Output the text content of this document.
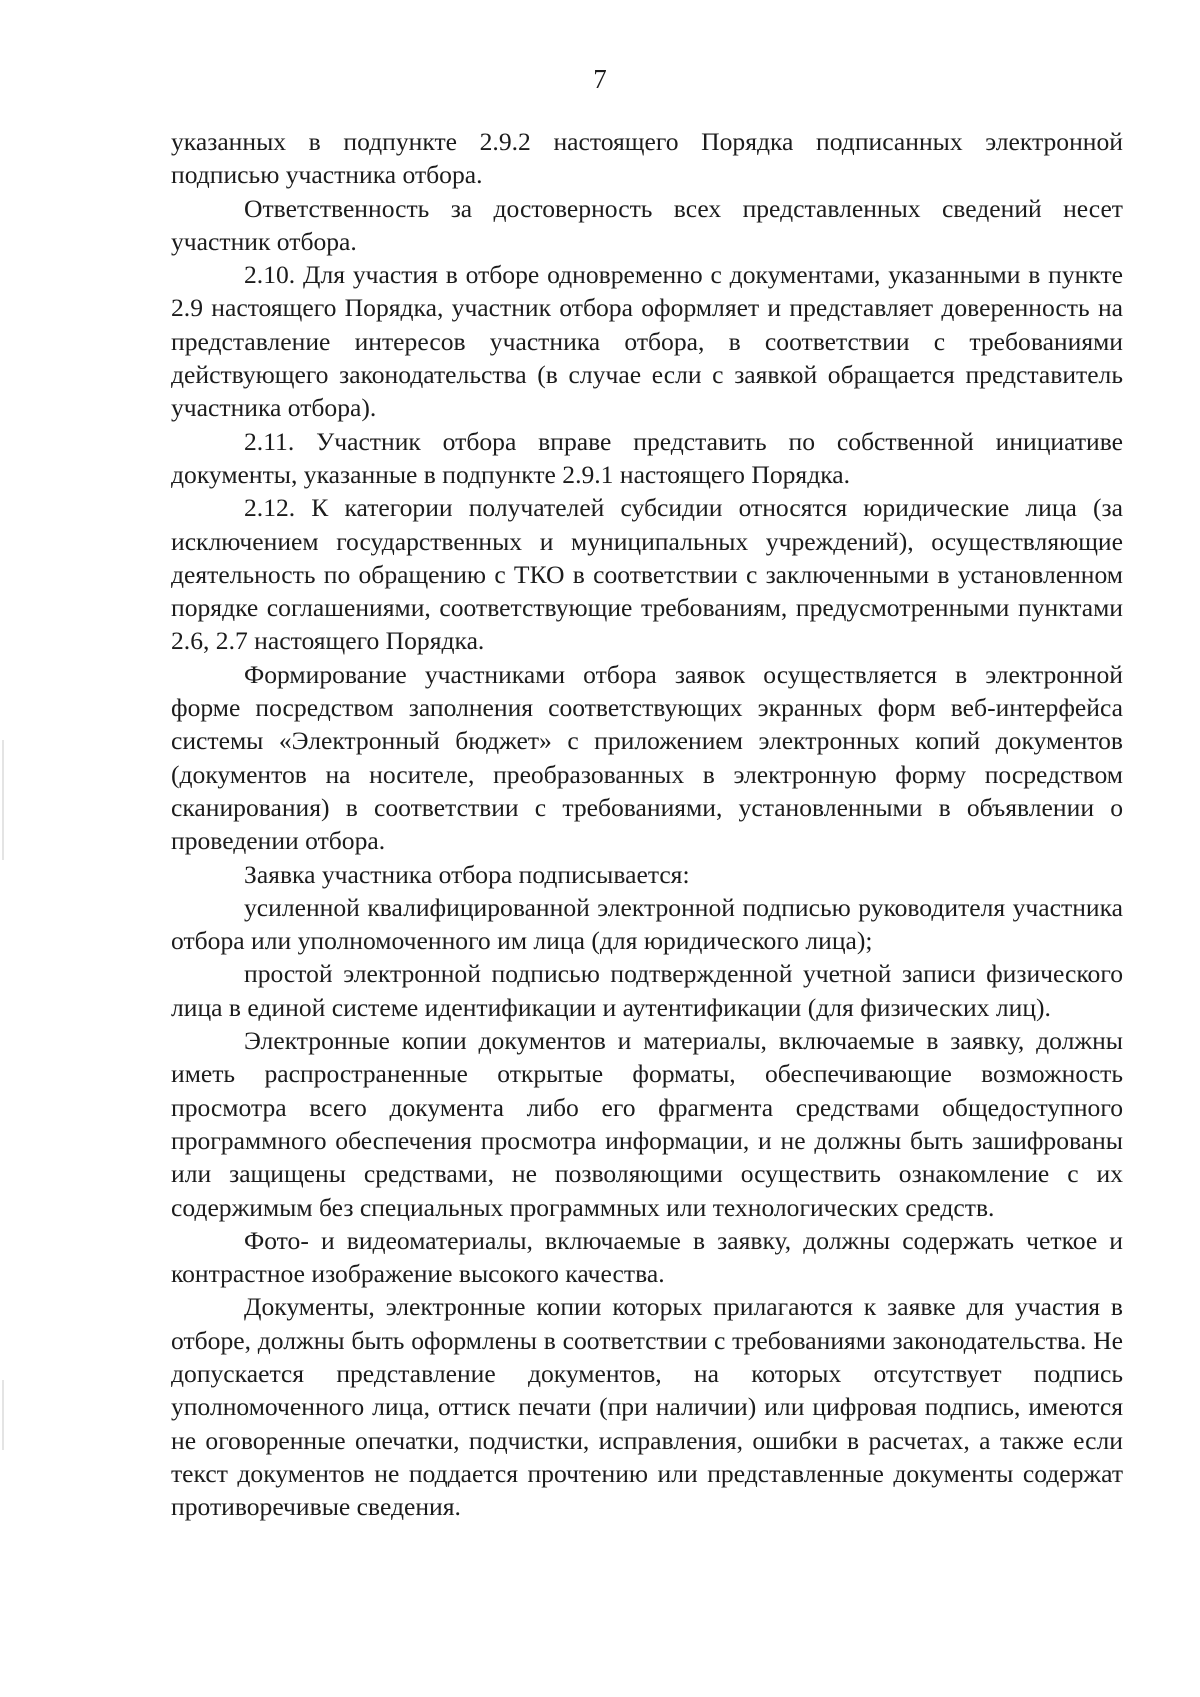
7

указанных в подпункте 2.9.2 настоящего Порядка подписанных электронной подписью участника отбора.

Ответственность за достоверность всех представленных сведений несет участник отбора.

2.10. Для участия в отборе одновременно с документами, указанными в пункте 2.9 настоящего Порядка, участник отбора оформляет и представляет доверенность на представление интересов участника отбора, в соответствии с требованиями действующего законодательства (в случае если с заявкой обращается представитель участника отбора).

2.11. Участник отбора вправе представить по собственной инициативе документы, указанные в подпункте 2.9.1 настоящего Порядка.

2.12. К категории получателей субсидии относятся юридические лица (за исключением государственных и муниципальных учреждений), осуществляющие деятельность по обращению с ТКО в соответствии с заключенными в установленном порядке соглашениями, соответствующие требованиям, предусмотренными пунктами 2.6, 2.7 настоящего Порядка.

Формирование участниками отбора заявок осуществляется в электронной форме посредством заполнения соответствующих экранных форм веб-интерфейса системы «Электронный бюджет» с приложением электронных копий документов (документов на носителе, преобразованных в электронную форму посредством сканирования) в соответствии с требованиями, установленными в объявлении о проведении отбора.

Заявка участника отбора подписывается:

усиленной квалифицированной электронной подписью руководителя участника отбора или уполномоченного им лица (для юридического лица);

простой электронной подписью подтвержденной учетной записи физического лица в единой системе идентификации и аутентификации (для физических лиц).

Электронные копии документов и материалы, включаемые в заявку, должны иметь распространенные открытые форматы, обеспечивающие возможность просмотра всего документа либо его фрагмента средствами общедоступного программного обеспечения просмотра информации, и не должны быть зашифрованы или защищены средствами, не позволяющими осуществить ознакомление с их содержимым без специальных программных или технологических средств.

Фото- и видеоматериалы, включаемые в заявку, должны содержать четкое и контрастное изображение высокого качества.

Документы, электронные копии которых прилагаются к заявке для участия в отборе, должны быть оформлены в соответствии с требованиями законодательства. Не допускается представление документов, на которых отсутствует подпись уполномоченного лица, оттиск печати (при наличии) или цифровая подпись, имеются не оговоренные опечатки, подчистки, исправления, ошибки в расчетах, а также если текст документов не поддается прочтению или представленные документы содержат противоречивые сведения.
